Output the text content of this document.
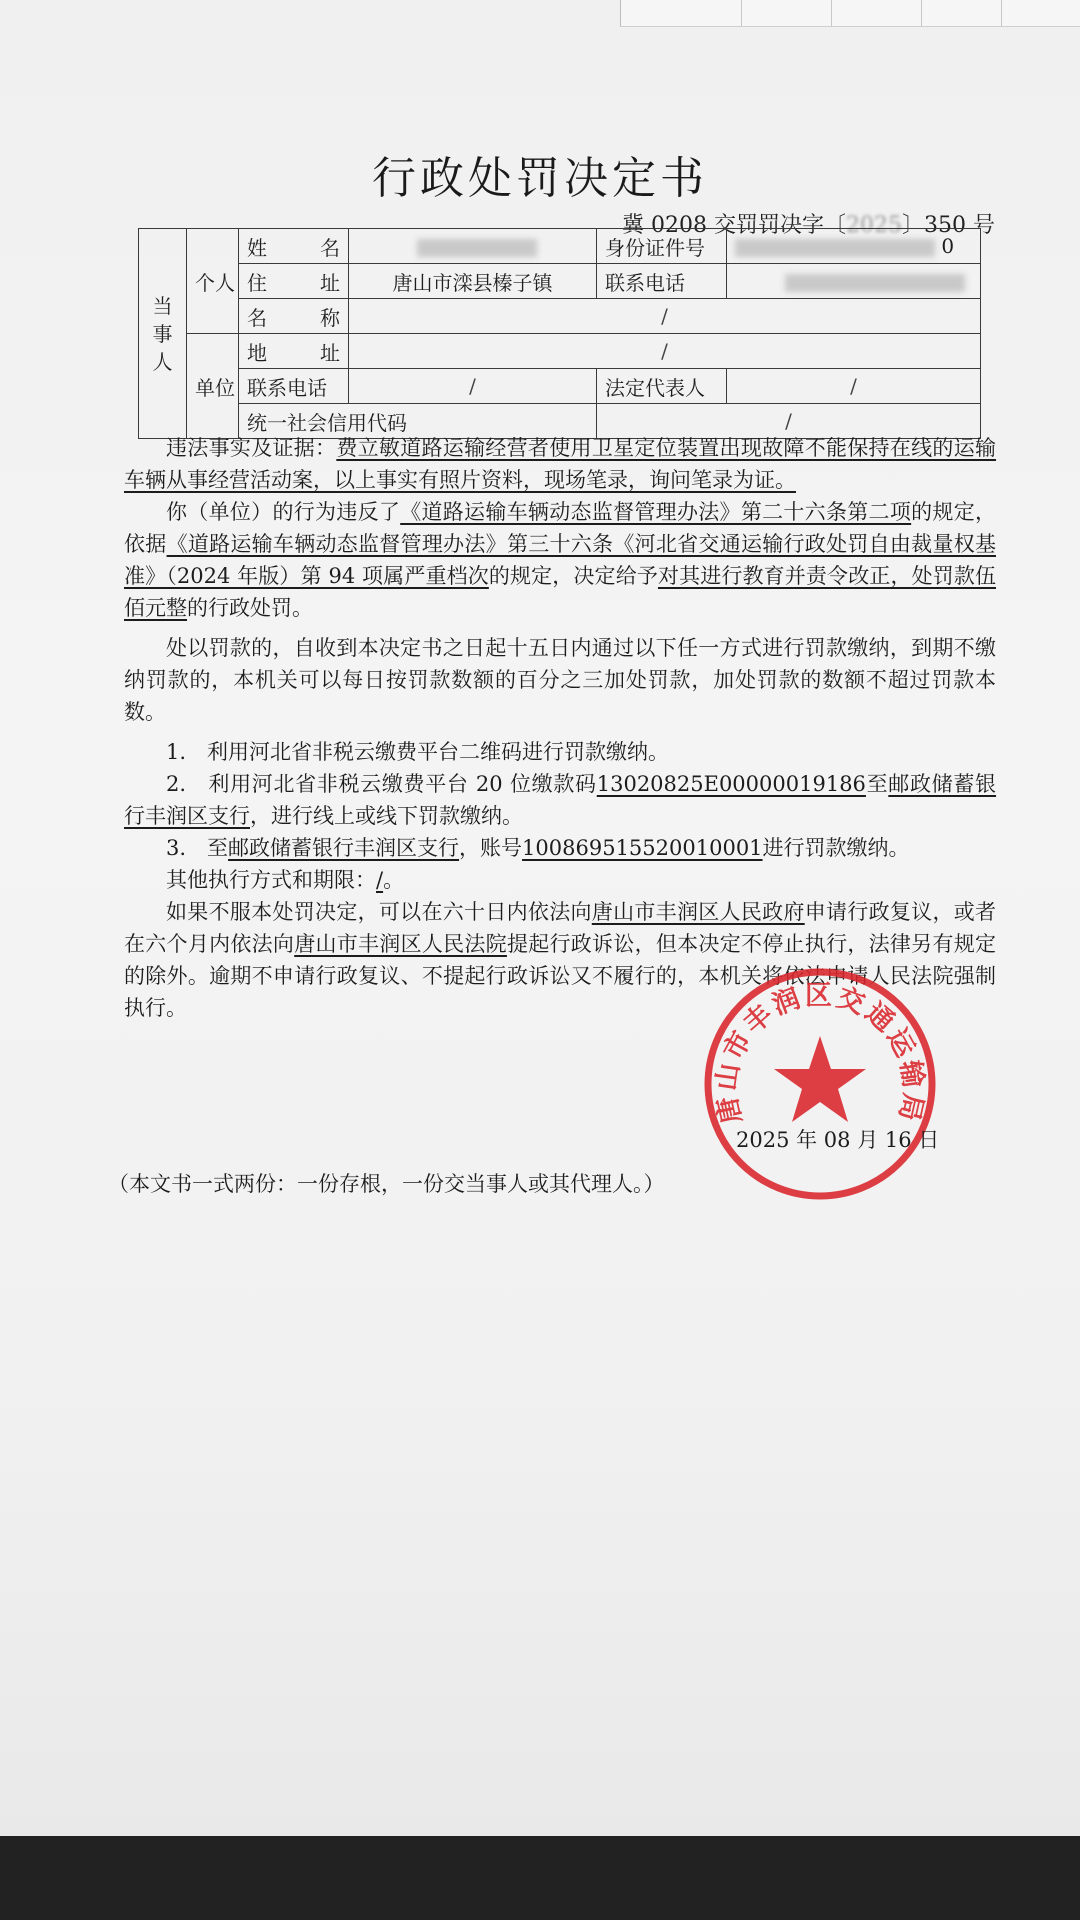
行政处罚决定书
冀 0208 交罚罚决字〔2025〕350 号
当事人	个人	姓　名		身份证件号	0
		住　址	唐山市滦县榛子镇	联系电话	
		名　称	/		
	单位	地　址	/		
		联系电话	/	法定代表人	/
		统一社会信用代码		/	

违法事实及证据：费立敏道路运输经营者使用卫星定位装置出现故障不能保持在线的运输车辆从事经营活动案，以上事实有照片资料，现场笔录，询问笔录为证。

你（单位）的行为违反了《道路运输车辆动态监督管理办法》第二十六条第二项的规定，依据《道路运输车辆动态监督管理办法》第三十六条《河北省交通运输行政处罚自由裁量权基准》（2024 年版）第 94 项属严重档次的规定，决定给予对其进行教育并责令改正，处罚款伍佰元整的行政处罚。

处以罚款的，自收到本决定书之日起十五日内通过以下任一方式进行罚款缴纳，到期不缴纳罚款的，本机关可以每日按罚款数额的百分之三加处罚款，加处罚款的数额不超过罚款本数。

1.　利用河北省非税云缴费平台二维码进行罚款缴纳。

2.　利用河北省非税云缴费平台 20 位缴款码13020825E00000019186至邮政储蓄银行丰润区支行，进行线上或线下罚款缴纳。

3.　至邮政储蓄银行丰润区支行，账号100869515520010001进行罚款缴纳。

其他执行方式和期限：/。

如果不服本处罚决定，可以在六十日内依法向唐山市丰润区人民政府申请行政复议，或者在六个月内依法向唐山市丰润区人民法院提起行政诉讼，但本决定不停止执行，法律另有规定的除外。逾期不申请行政复议、不提起行政诉讼又不履行的，本机关将依法申请人民法院强制执行。

唐山市丰润区交通运输局
2025 年 08 月 16 日
（本文书一式两份：一份存根，一份交当事人或其代理人。）
